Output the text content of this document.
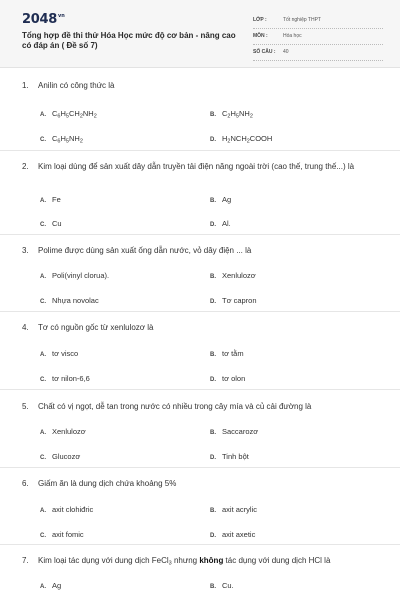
$2048^{vn}$
Tổng hợp đề thi thử Hóa Học mức độ cơ bản - nâng cao có đáp án ( Đề số 7)
LỚP :	Tốt nghiệp THPT
MÔN :	Hóa học
SỐ CÂU : 40
1. Anilin có công thức là
A. $C_6H_5CH_2NH_2$	B. $C_2H_5NH_2$
C. $C_6H_5NH_2$	D. $H_2NCH_2COOH$
2. Kim loại dùng để sản xuất dây dẫn truyền tải điện năng ngoài trời (cao thế, trung thế...) là
A. Fe	B. Ag
C. Cu	D. Al.
3. Polime được dùng sản xuất ống dẫn nước, vỏ dây điện ... là
A. Poli(vinyl clorua).	B. Xenlulozơ
C. Nhựa novolac	D. Tơ capron
4. Tơ có nguồn gốc từ xenlulozơ là
A. tơ visco	B. tơ tằm
C. tơ nilon-6,6	D. tơ olon
5. Chất có vị ngọt, dễ tan trong nước có nhiều trong cây mía và củ cải đường là
A. Xenlulozơ	B. Saccarozơ
C. Glucozơ	D. Tinh bột
6. Giấm ăn là dung dịch chứa khoảng 5%
A. axit clohiđric	B. axit acrylic
C. axit fomic	D. axit axetic
7. Kim loại tác dụng với dung dịch FeCl$_3$ nhưng không tác dụng với dung dịch HCl là
A. Ag	B. Cu.
